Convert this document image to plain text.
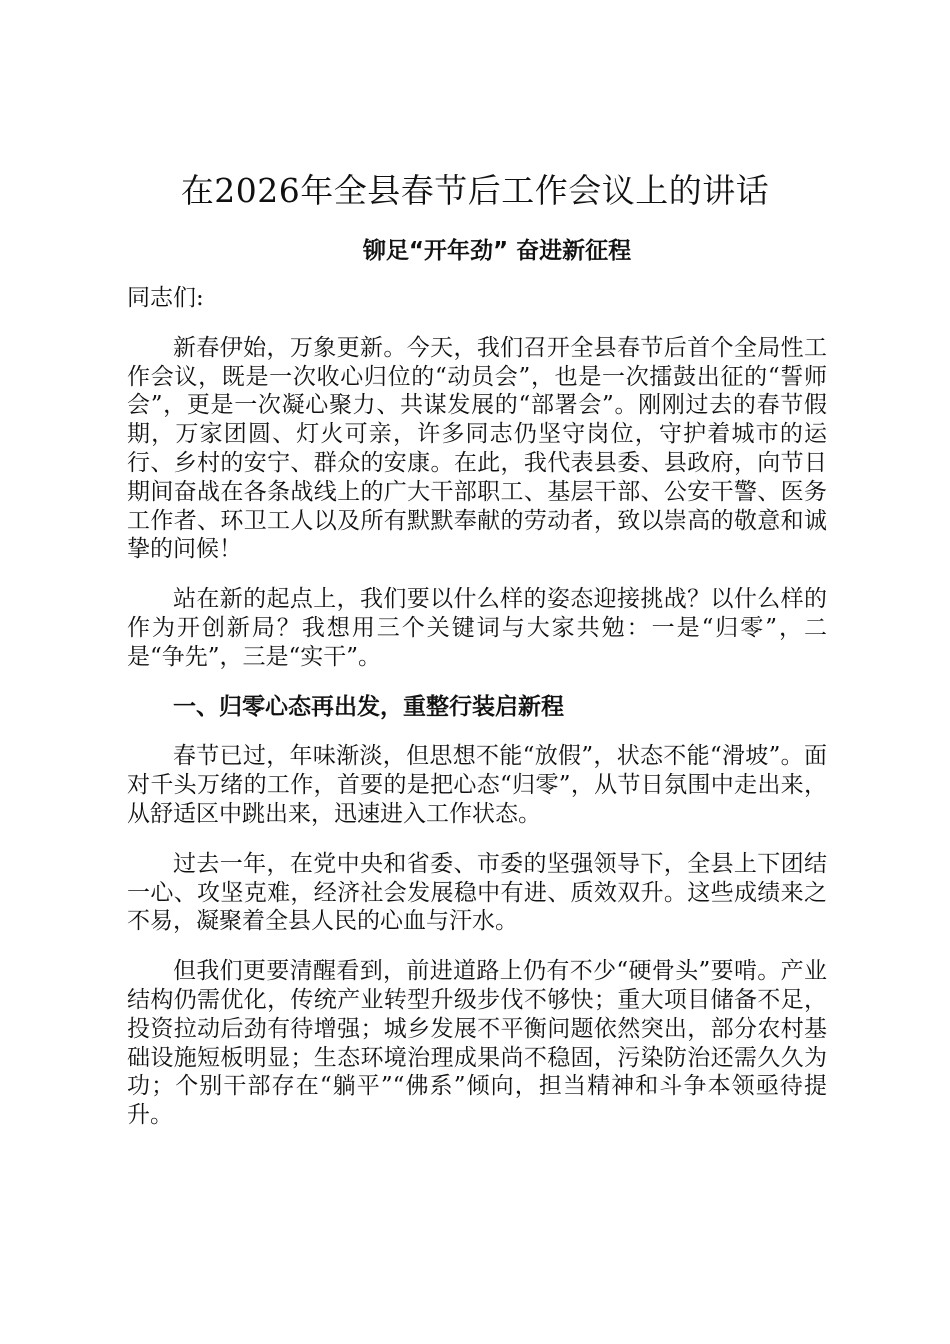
在2026年全县春节后工作会议上的讲话
铆足“开年劲” 奋进新征程

同志们:

新春伊始，万象更新。今天，我们召开全县春节后首个全局性工作会议，既是一次收心归位的“动员会”，也是一次擂鼓出征的“誓师会”，更是一次凝心聚力、共谋发展的“部署会”。刚刚过去的春节假期，万家团圆、灯火可亲，许多同志仍坚守岗位，守护着城市的运行、乡村的安宁、群众的安康。在此，我代表县委、县政府，向节日期间奋战在各条战线上的广大干部职工、基层干部、公安干警、医务工作者、环卫工人以及所有默默奉献的劳动者，致以崇高的敬意和诚挚的问候！

站在新的起点上，我们要以什么样的姿态迎接挑战？以什么样的作为开创新局？我想用三个关键词与大家共勉：一是“归零”，二是“争先”，三是“实干”。

一、归零心态再出发，重整行装启新程

春节已过，年味渐淡，但思想不能“放假”，状态不能“滑坡”。面对千头万绪的工作，首要的是把心态“归零”，从节日氛围中走出来，从舒适区中跳出来，迅速进入工作状态。

过去一年，在党中央和省委、市委的坚强领导下，全县上下团结一心、攻坚克难，经济社会发展稳中有进、质效双升。这些成绩来之不易，凝聚着全县人民的心血与汗水。

但我们更要清醒看到，前进道路上仍有不少“硬骨头”要啃。产业结构仍需优化，传统产业转型升级步伐不够快；重大项目储备不足，投资拉动后劲有待增强；城乡发展不平衡问题依然突出，部分农村基础设施短板明显；生态环境治理成果尚不稳固，污染防治还需久久为功；个别干部存在“躺平”“佛系”倾向，担当精神和斗争本领亟待提升。
